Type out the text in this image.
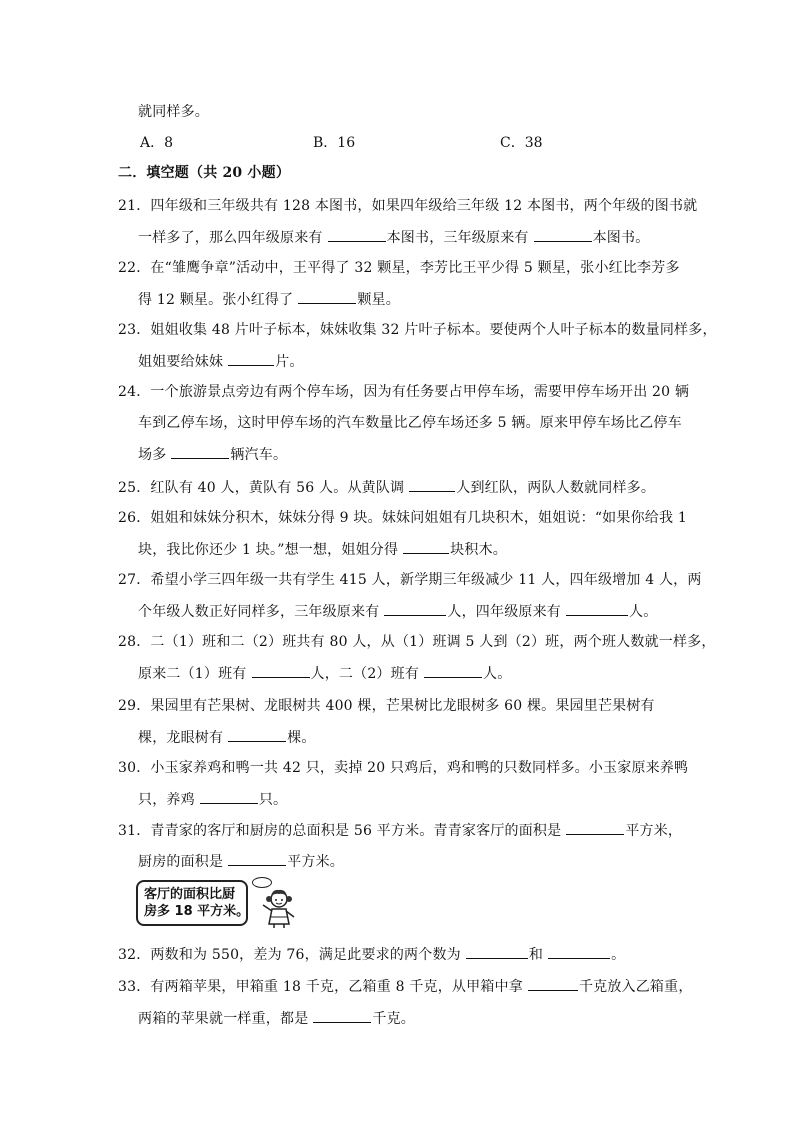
就同样多。
A．8	B．16	C．38
二．填空题（共 20 小题）
21．四年级和三年级共有 128 本图书，如果四年级给三年级 12 本图书，两个年级的图书就
一样多了，那么四年级原来有	本图书，三年级原来有	本图书。
22．在“雏鹰争章”活动中，王平得了 32 颗星，李芳比王平少得 5 颗星，张小红比李芳多
得 12 颗星。张小红得了	颗星。
23．姐姐收集 48 片叶子标本，妹妹收集 32 片叶子标本。要使两个人叶子标本的数量同样多，
姐姐要给妹妹	片。
24．一个旅游景点旁边有两个停车场，因为有任务要占甲停车场，需要甲停车场开出 20 辆
车到乙停车场，这时甲停车场的汽车数量比乙停车场还多 5 辆。原来甲停车场比乙停车
场多	辆汽车。
25．红队有 40 人，黄队有 56 人。从黄队调	人到红队，两队人数就同样多。
26．姐姐和妹妹分积木，妹妹分得 9 块。妹妹问姐姐有几块积木，姐姐说：“如果你给我 1
块，我比你还少 1 块。”想一想，姐姐分得	块积木。
27．希望小学三四年级一共有学生 415 人，新学期三年级减少 11 人，四年级增加 4 人，两
个年级人数正好同样多，三年级原来有	人，四年级原来有	人。
28．二（1）班和二（2）班共有 80 人，从（1）班调 5 人到（2）班，两个班人数就一样多，
原来二（1）班有	人，二（2）班有	人。
29．果园里有芒果树、龙眼树共 400 棵，芒果树比龙眼树多 60 棵。果园里芒果树有
棵，龙眼树有	棵。
30．小玉家养鸡和鸭一共 42 只，卖掉 20 只鸡后，鸡和鸭的只数同样多。小玉家原来养鸭
只，养鸡	只。
31．青青家的客厅和厨房的总面积是 56 平方米。青青家客厅的面积是	平方米，
厨房的面积是	平方米。
客厅的面积比厨
房多 18 平方米。
32．两数和为 550，差为 76，满足此要求的两个数为	和	。
33．有两箱苹果，甲箱重 18 千克，乙箱重 8 千克，从甲箱中拿	千克放入乙箱重，
两箱的苹果就一样重，都是	千克。
